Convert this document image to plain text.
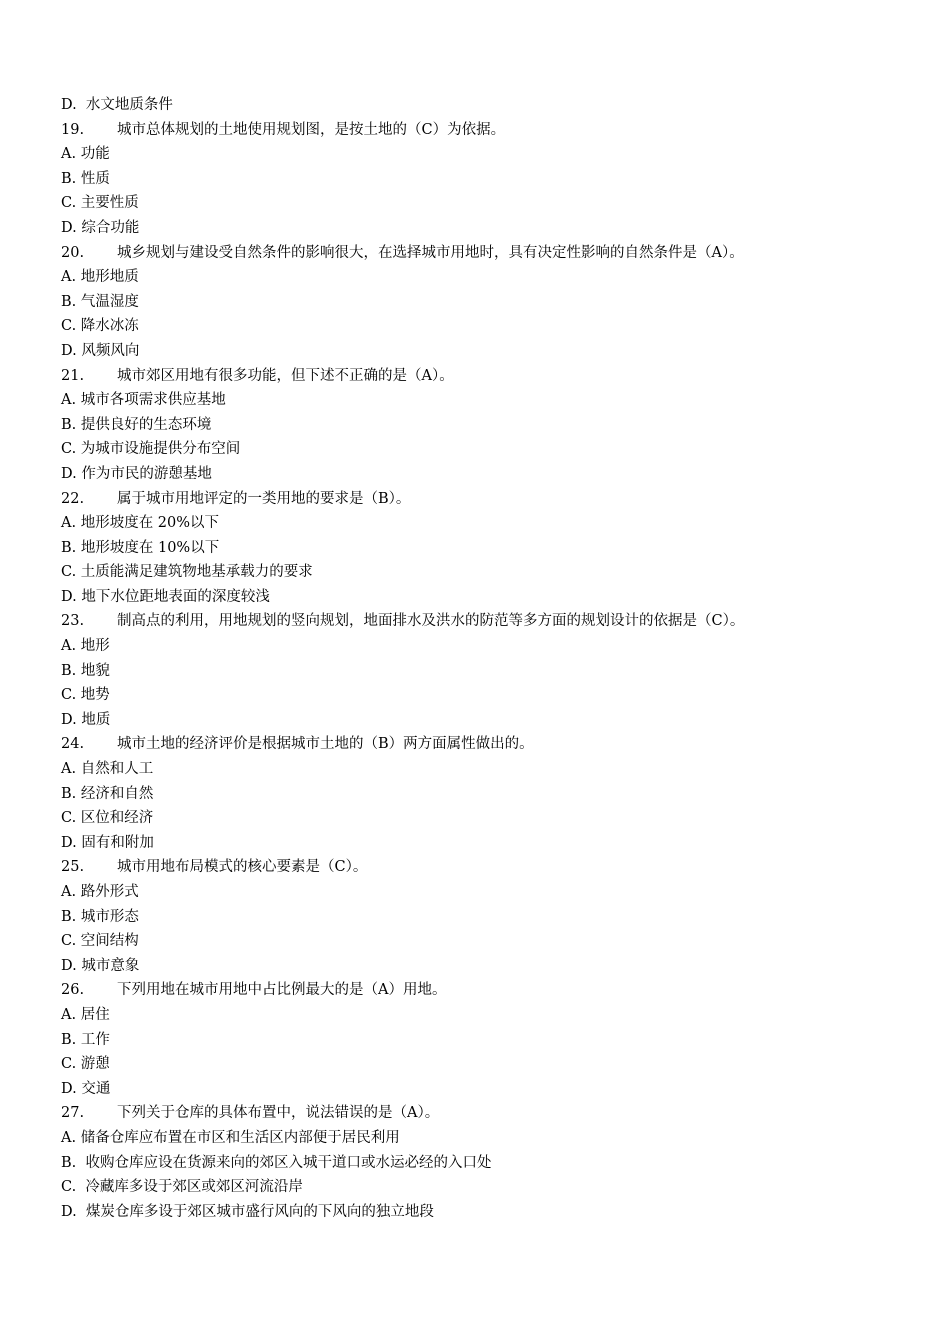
D.  水文地质条件
19. 城市总体规划的土地使用规划图，是按土地的（C）为依据。
A. 功能
B. 性质
C. 主要性质
D. 综合功能
20. 城乡规划与建设受自然条件的影响很大，在选择城市用地时，具有决定性影响的自然条件是（A）。
A. 地形地质
B. 气温湿度
C. 降水冰冻
D. 风频风向
21. 城市郊区用地有很多功能，但下述不正确的是（A）。
A. 城市各项需求供应基地
B. 提供良好的生态环境
C. 为城市设施提供分布空间
D. 作为市民的游憩基地
22. 属于城市用地评定的一类用地的要求是（B）。
A. 地形坡度在 20%以下
B. 地形坡度在 10%以下
C. 土质能满足建筑物地基承载力的要求
D. 地下水位距地表面的深度较浅
23. 制高点的利用，用地规划的竖向规划，地面排水及洪水的防范等多方面的规划设计的依据是（C）。
A. 地形
B. 地貌
C. 地势
D. 地质
24. 城市土地的经济评价是根据城市土地的（B）两方面属性做出的。
A. 自然和人工
B. 经济和自然
C. 区位和经济
D. 固有和附加
25. 城市用地布局模式的核心要素是（C）。
A. 路外形式
B. 城市形态
C. 空间结构
D. 城市意象
26. 下列用地在城市用地中占比例最大的是（A）用地。
A. 居住
B. 工作
C. 游憩
D. 交通
27. 下列关于仓库的具体布置中，说法错误的是（A）。
A. 储备仓库应布置在市区和生活区内部便于居民利用
B.  收购仓库应设在货源来向的郊区入城干道口或水运必经的入口处
C.  冷藏库多设于郊区或郊区河流沿岸
D.  煤炭仓库多设于郊区城市盛行风向的下风向的独立地段
